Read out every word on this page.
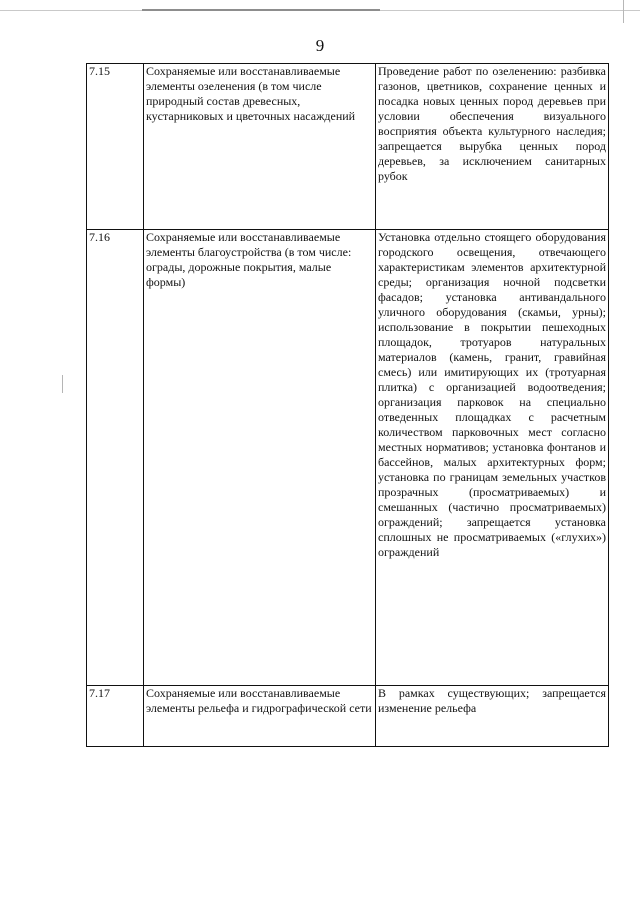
9
7.15	Сохраняемые или восстанавливаемые элементы озеленения (в том числе природный состав древесных, кустарниковых и цветочных насаждений	Проведение работ по озеленению: разбивка газонов, цветников, сохранение ценных и посадка новых ценных пород деревьев при условии обеспечения визуального восприятия объекта культурного наследия; запрещается вырубка ценных пород деревьев, за исключением санитарных рубок

7.16	Сохраняемые или восстанавливаемые элементы благоустройства (в том числе: ограды, дорожные покрытия, малые формы)	Установка отдельно стоящего оборудования городского освещения, отвечающего характеристикам элементов архитектурной среды; организация ночной подсветки фасадов; установка антивандального уличного оборудования (скамьи, урны); использование в покрытии пешеходных площадок, тротуаров натуральных материалов (камень, гранит, гравийная смесь) или имитирующих их (тротуарная плитка) с организацией водоотведения; организация парковок на специально отведенных площадках с расчетным количеством парковочных мест согласно местных нормативов; установка фонтанов и бассейнов, малых архитектурных форм; установка по границам земельных участков прозрачных (просматриваемых) и смешанных (частично просматриваемых) ограждений; запрещается установка сплошных не просматриваемых («глухих») ограждений

7.17	Сохраняемые или восстанавливаемые элементы рельефа и гидрографической сети	В рамках существующих; запрещается изменение рельефа
